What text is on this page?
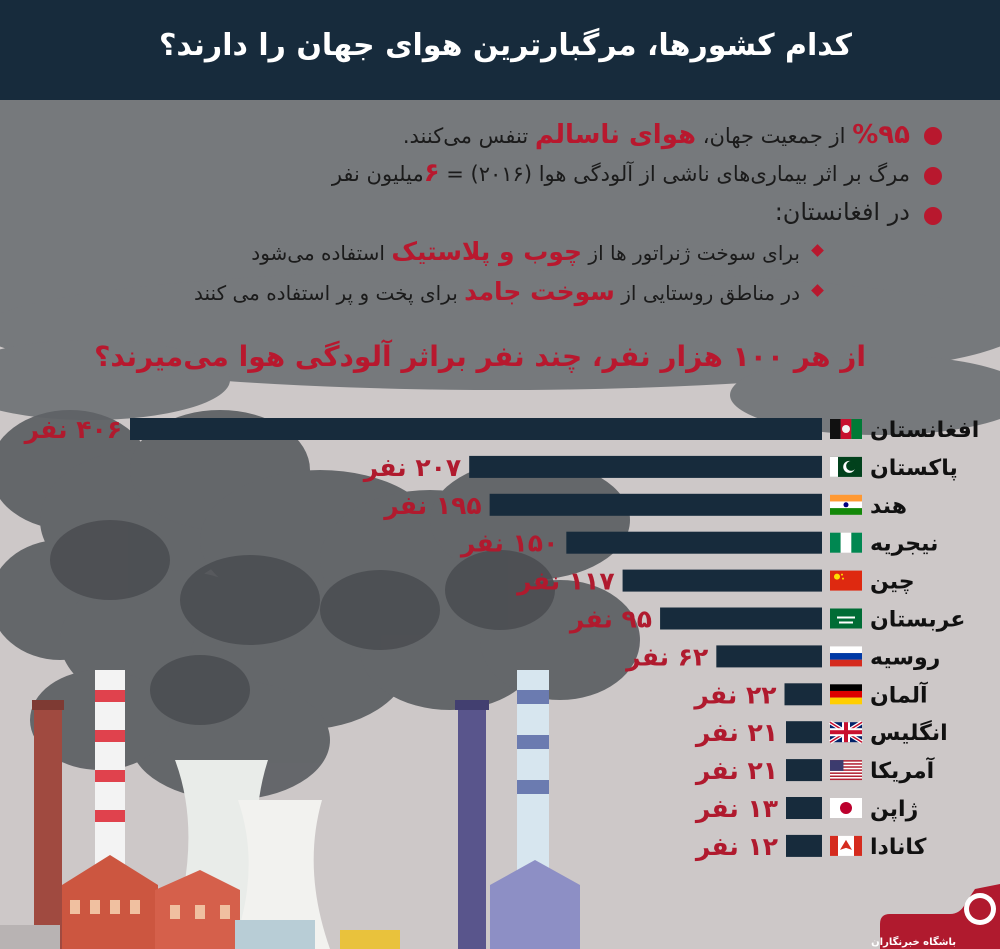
کدام کشورها، مرگبارترین هوای جهان را دارند؟
%۹۵ از جمعیت جهان، هوای ناسالم تنفس می‌کنند.
مرگ بر اثر بیماری‌های ناشی از آلودگی هوا (۲۰۱۶) = ۶میلیون نفر
در افغانستان:
برای سوخت ژنراتور ها از چوب و پلاستیک استفاده می‌شود
در مناطق روستایی از سوخت جامد برای پخت و پر استفاده می کنند
از هر ۱۰۰ هزار نفر، چند نفر براثر آلودگی هوا می‌میرند؟
افغانستان
۴۰۶ نفر
پاکستان
۲۰۷ نفر
هند
۱۹۵ نفر
نیجریه
۱۵۰ نفر
چین
۱۱۷ نفر
عربستان
۹۵ نفر
روسیه
۶۲ نفر
آلمان
۲۲ نفر
انگلیس
۲۱ نفر
آمریکا
۲۱ نفر
ژاپن
۱۳ نفر
کانادا
۱۲ نفر
باشگاه خبرنگاران
